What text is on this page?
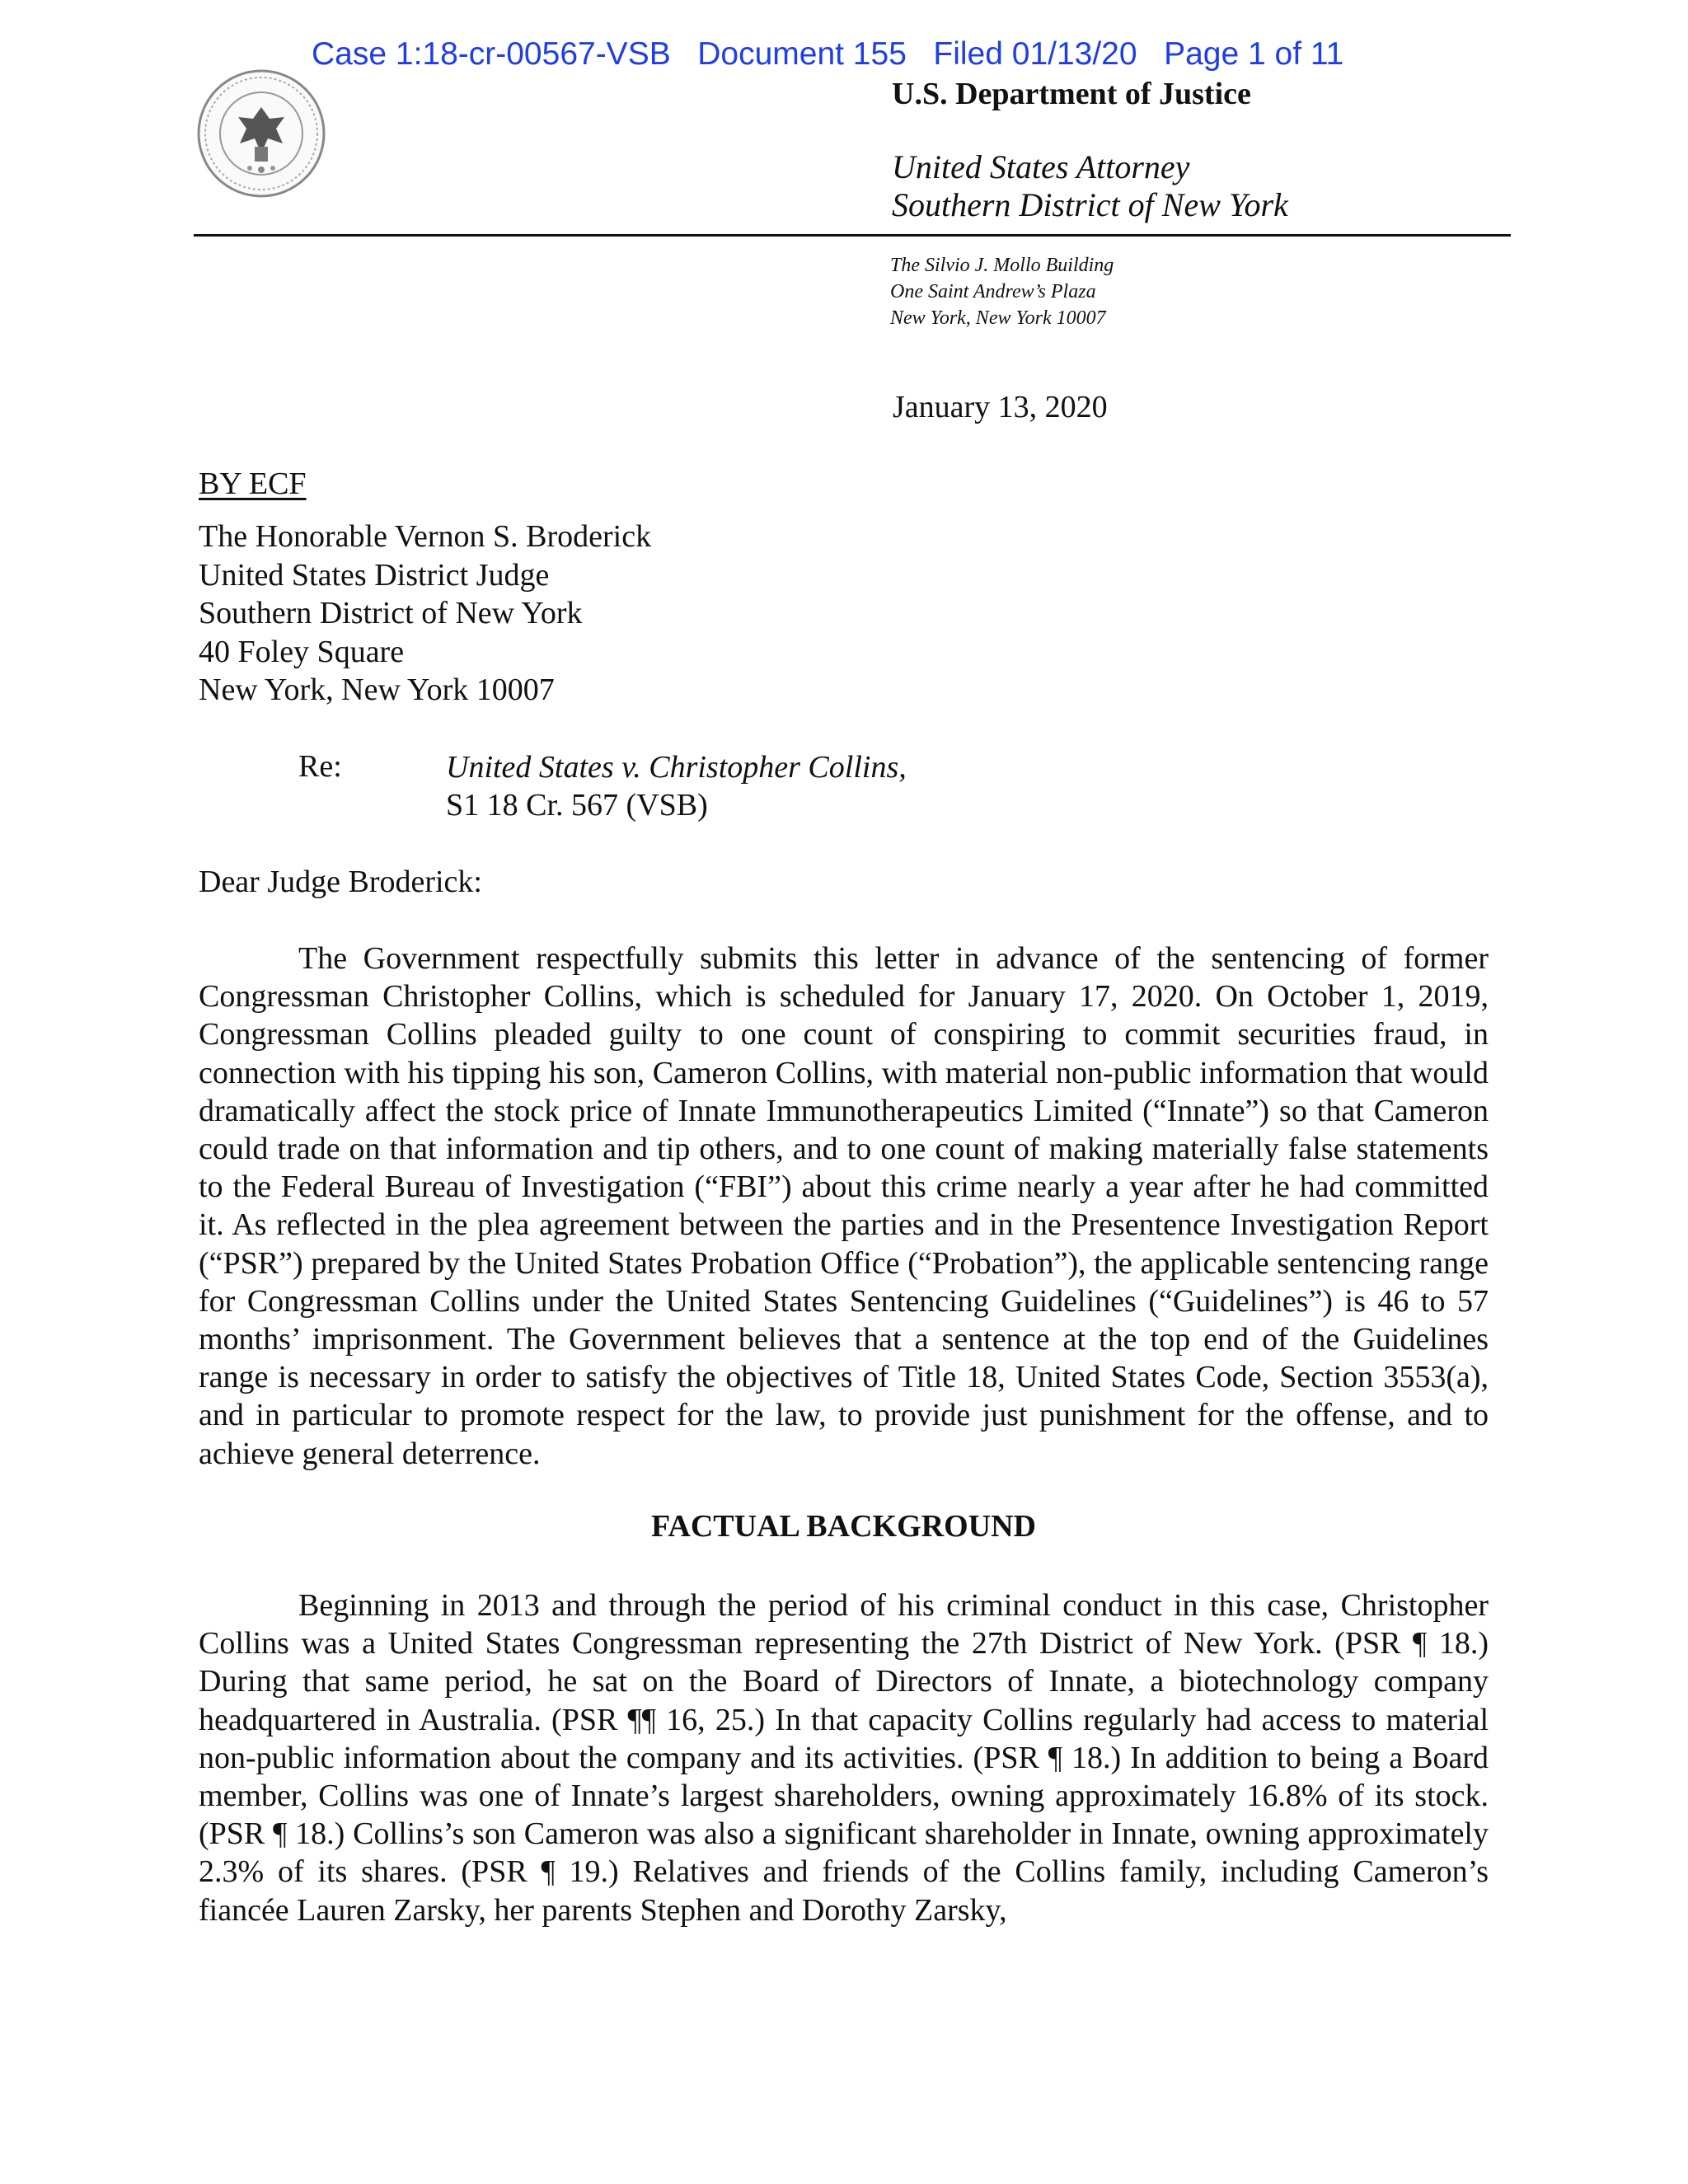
Case 1:18-cr-00567-VSB   Document 155   Filed 01/13/20   Page 1 of 11
U.S. Department of Justice
United States Attorney
Southern District of New York
The Silvio J. Mollo Building
One Saint Andrew’s Plaza
New York, New York 10007
January 13, 2020
BY ECF
The Honorable Vernon S. Broderick
United States District Judge
Southern District of New York
40 Foley Square
New York, New York 10007
Re:	United States v. Christopher Collins,
S1 18 Cr. 567 (VSB)
Dear Judge Broderick:

The Government respectfully submits this letter in advance of the sentencing of former Congressman Christopher Collins, which is scheduled for January 17, 2020. On October 1, 2019, Congressman Collins pleaded guilty to one count of conspiring to commit securities fraud, in connection with his tipping his son, Cameron Collins, with material non-public information that would dramatically affect the stock price of Innate Immunotherapeutics Limited (“Innate”) so that Cameron could trade on that information and tip others, and to one count of making materially false statements to the Federal Bureau of Investigation (“FBI”) about this crime nearly a year after he had committed it. As reflected in the plea agreement between the parties and in the Presentence Investigation Report (“PSR”) prepared by the United States Probation Office (“Probation”), the applicable sentencing range for Congressman Collins under the United States Sentencing Guidelines (“Guidelines”) is 46 to 57 months’ imprisonment. The Government believes that a sentence at the top end of the Guidelines range is necessary in order to satisfy the objectives of Title 18, United States Code, Section 3553(a), and in particular to promote respect for the law, to provide just punishment for the offense, and to achieve general deterrence.

FACTUAL BACKGROUND

Beginning in 2013 and through the period of his criminal conduct in this case, Christopher Collins was a United States Congressman representing the 27th District of New York. (PSR ¶ 18.) During that same period, he sat on the Board of Directors of Innate, a biotechnology company headquartered in Australia. (PSR ¶¶ 16, 25.) In that capacity Collins regularly had access to material non-public information about the company and its activities. (PSR ¶ 18.) In addition to being a Board member, Collins was one of Innate’s largest shareholders, owning approximately 16.8% of its stock. (PSR ¶ 18.) Collins’s son Cameron was also a significant shareholder in Innate, owning approximately 2.3% of its shares. (PSR ¶ 19.) Relatives and friends of the Collins family, including Cameron’s fiancée Lauren Zarsky, her parents Stephen and Dorothy Zarsky,
